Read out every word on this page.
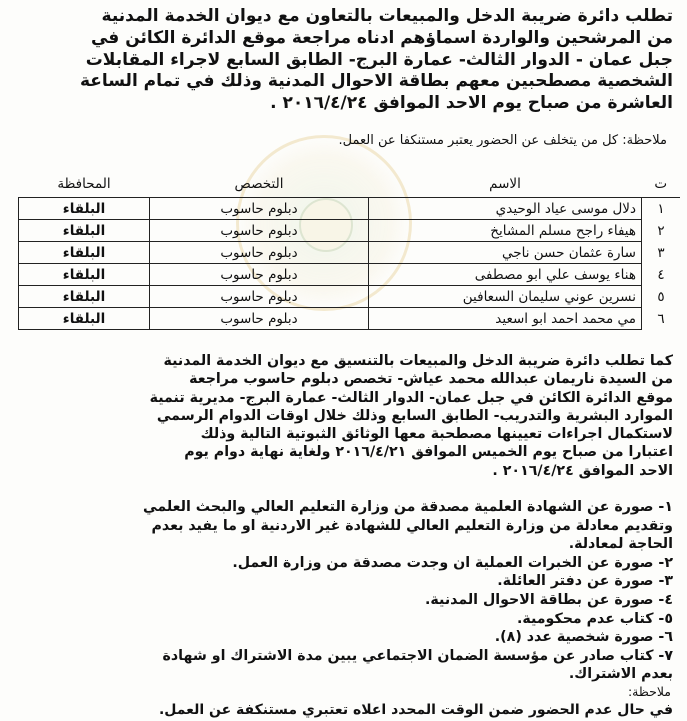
تطلب دائرة ضريبة الدخل والمبيعات بالتعاون مع ديوان الخدمة المدنية

من المرشحين والواردة اسماؤهم ادناه مراجعة موقع الدائرة الكائن في

جبل عمان - الدوار الثالث- عمارة البرج- الطابق السابع لاجراء المقابلات

الشخصية مصطحبين معهم بطاقة الاحوال المدنية وذلك في تمام الساعة

العاشرة من صباح يوم الاحد الموافق ٢٠١٦/٤/٢٤ .

ملاحظة: كل من يتخلف عن الحضور يعتبر مستنكفا عن العمل.
ت	الاسم	التخصص	المحافظة
١	دلال موسى عياد الوحيدي	دبلوم حاسوب	البلقاء
٢	هيفاء راجح مسلم المشايخ	دبلوم حاسوب	البلقاء
٣	سارة عثمان حسن ناجي	دبلوم حاسوب	البلقاء
٤	هناء يوسف علي ابو مصطفى	دبلوم حاسوب	البلقاء
٥	نسرين عوني سليمان السعافين	دبلوم حاسوب	البلقاء
٦	مي محمد احمد ابو اسعيد	دبلوم حاسوب	البلقاء

كما تطلب دائرة ضريبة الدخل والمبيعات بالتنسيق مع ديوان الخدمة المدنية

من السيدة ناريمان عبدالله محمد عياش- تخصص دبلوم حاسوب مراجعة

موقع الدائرة الكائن في جبل عمان- الدوار الثالث- عمارة البرج- مديرية تنمية

الموارد البشرية والتدريب- الطابق السابع وذلك خلال اوقات الدوام الرسمي

لاستكمال اجراءات تعيينها مصطحبة معها الوثائق الثبوتية التالية وذلك

اعتبارا من صباح يوم الخميس الموافق ٢٠١٦/٤/٢١ ولغاية نهاية دوام يوم

الاحد الموافق ٢٠١٦/٤/٢٤ .

١- صورة عن الشهادة العلمية مصدقة من وزارة التعليم العالي والبحث العلمي
وتقديم معادلة من وزارة التعليم العالي للشهادة غير الاردنية او ما يفيد بعدم
الحاجة لمعادلة.
٢- صورة عن الخبرات العملية ان وجدت مصدقة من وزارة العمل.
٣- صورة عن دفتر العائلة.
٤- صورة عن بطاقة الاحوال المدنية.
٥- كتاب عدم محكومية.
٦- صورة شخصية عدد (٨).
٧- كتاب صادر عن مؤسسة الضمان الاجتماعي يبين مدة الاشتراك او شهادة
بعدم الاشتراك.
ملاحظة:
في حال عدم الحضور ضمن الوقت المحدد اعلاه تعتبري مستنكفة عن العمل.
